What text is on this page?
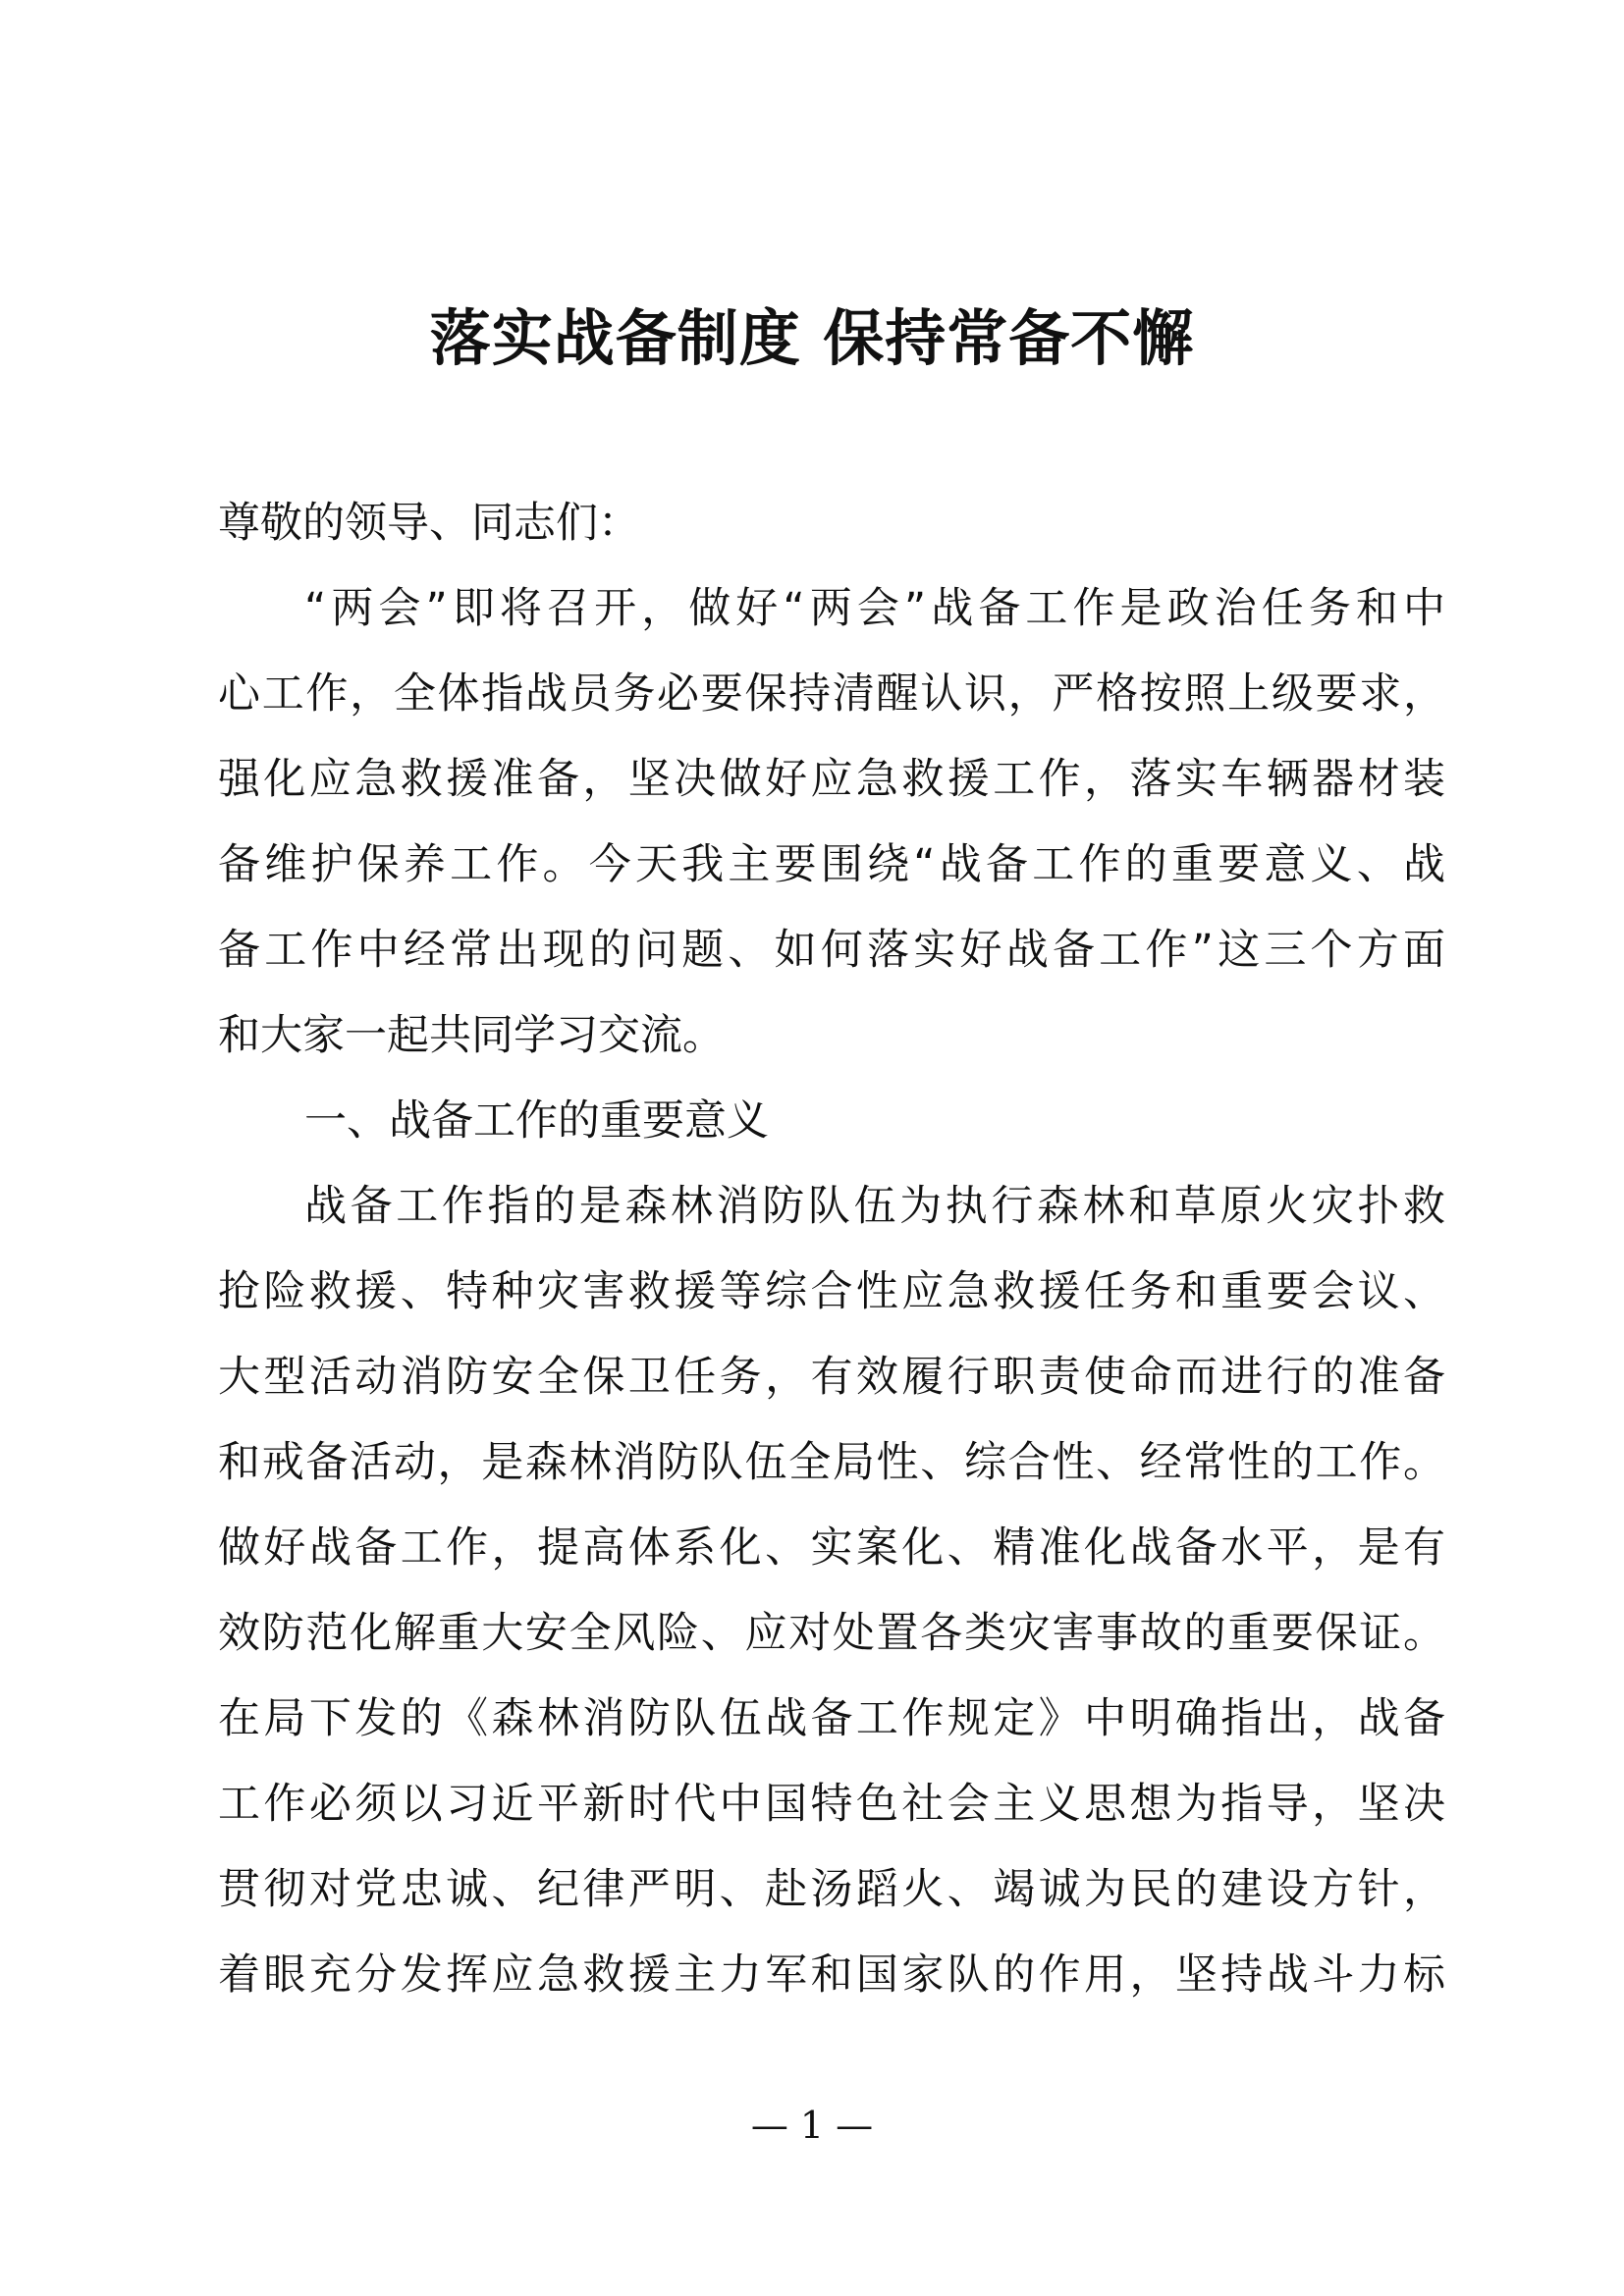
落实战备制度 保持常备不懈
尊敬的领导、同志们：
“两会”即将召开，做好“两会”战备工作是政治任务和中
心工作，全体指战员务必要保持清醒认识，严格按照上级要求，
强化应急救援准备，坚决做好应急救援工作，落实车辆器材装
备维护保养工作。今天我主要围绕“战备工作的重要意义、战
备工作中经常出现的问题、如何落实好战备工作”这三个方面
和大家一起共同学习交流。
一、战备工作的重要意义
战备工作指的是森林消防队伍为执行森林和草原火灾扑救
抢险救援、特种灾害救援等综合性应急救援任务和重要会议、
大型活动消防安全保卫任务，有效履行职责使命而进行的准备
和戒备活动，是森林消防队伍全局性、综合性、经常性的工作。
做好战备工作，提高体系化、实案化、精准化战备水平，是有
效防范化解重大安全风险、应对处置各类灾害事故的重要保证。
在局下发的《森林消防队伍战备工作规定》中明确指出，战备
工作必须以习近平新时代中国特色社会主义思想为指导，坚决
贯彻对党忠诚、纪律严明、赴汤蹈火、竭诚为民的建设方针，
着眼充分发挥应急救援主力军和国家队的作用，坚持战斗力标
— 1 —
